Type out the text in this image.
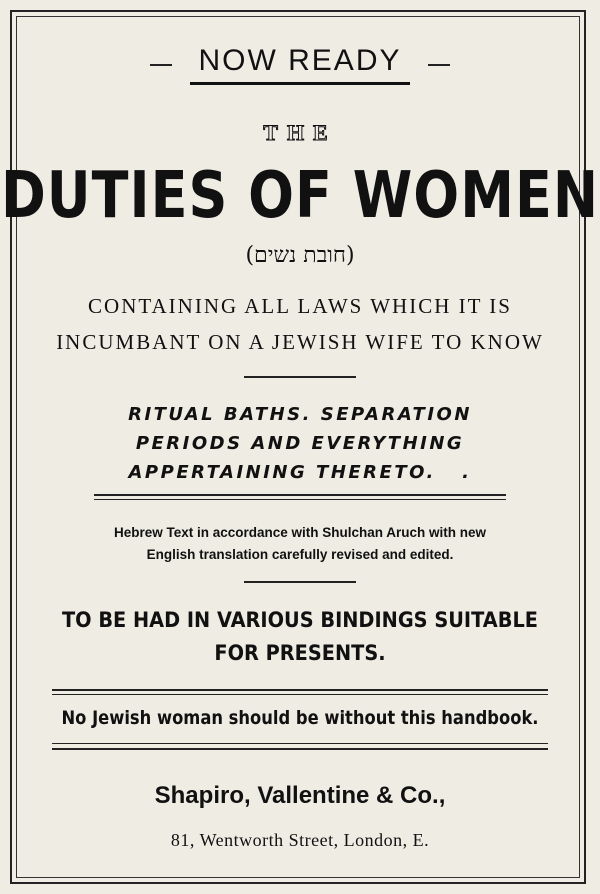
NOW READY
THE
DUTIES OF WOMEN
(חובת נשים)
CONTAINING ALL LAWS WHICH IT IS
INCUMBANT ON A JEWISH WIFE TO KNOW
RITUAL BATHS. SEPARATION
PERIODS AND EVERYTHING
APPERTAINING THERETO.   .
Hebrew Text in accordance with Shulchan Aruch with new
English translation carefully revised and edited.
TO BE HAD IN VARIOUS BINDINGS SUITABLE
FOR PRESENTS.
No Jewish woman should be without this handbook.
Shapiro, Vallentine & Co.,
81, Wentworth Street, London, E.
